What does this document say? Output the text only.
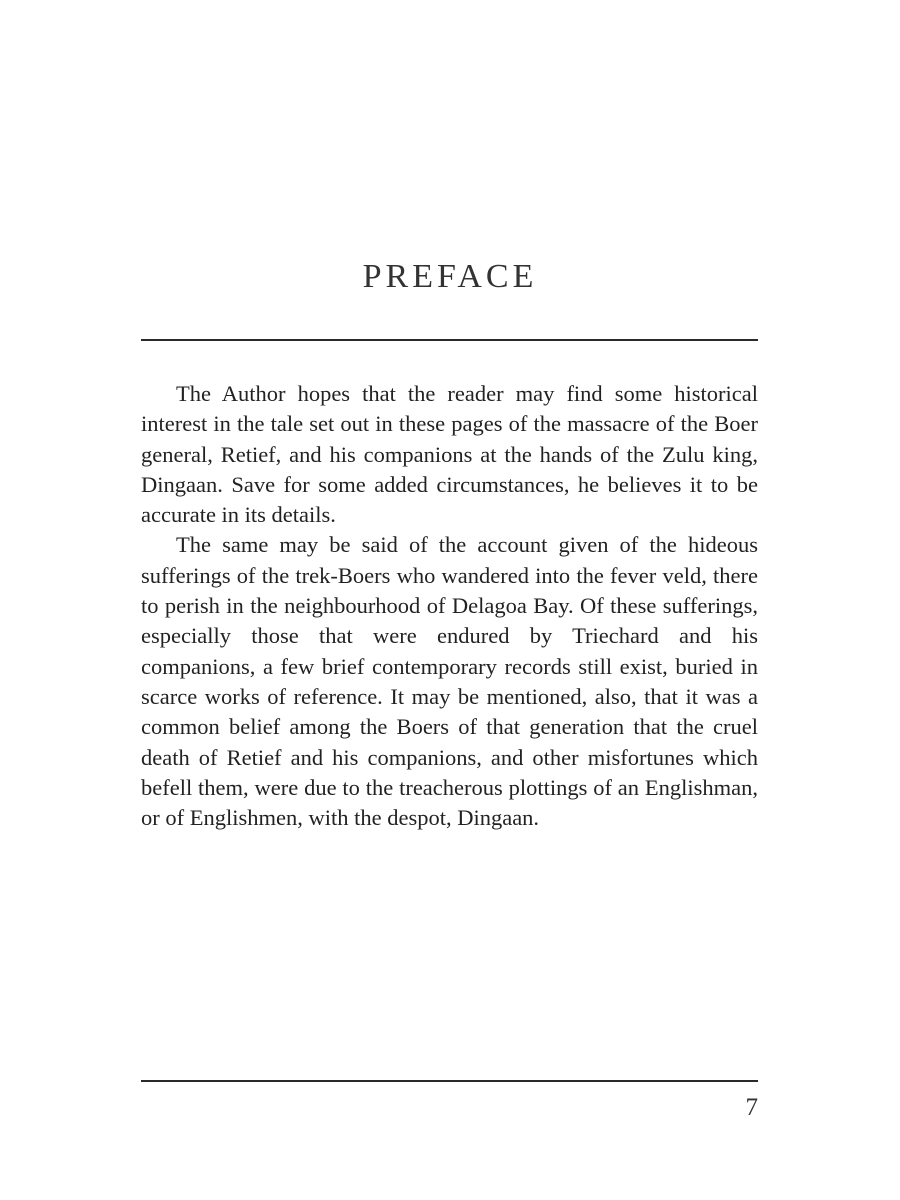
PREFACE

The Author hopes that the reader may find some historical interest in the tale set out in these pages of the massacre of the Boer general, Retief, and his companions at the hands of the Zulu king, Dingaan. Save for some added circumstances, he believes it to be accurate in its details.

The same may be said of the account given of the hideous sufferings of the trek-Boers who wandered into the fever veld, there to perish in the neighbourhood of Delagoa Bay. Of these sufferings, especially those that were endured by Triechard and his companions, a few brief contemporary records still exist, buried in scarce works of reference. It may be mentioned, also, that it was a common belief among the Boers of that generation that the cruel death of Retief and his companions, and other misfortunes which befell them, were due to the treacherous plottings of an Englishman, or of Englishmen, with the despot, Dingaan.

7
